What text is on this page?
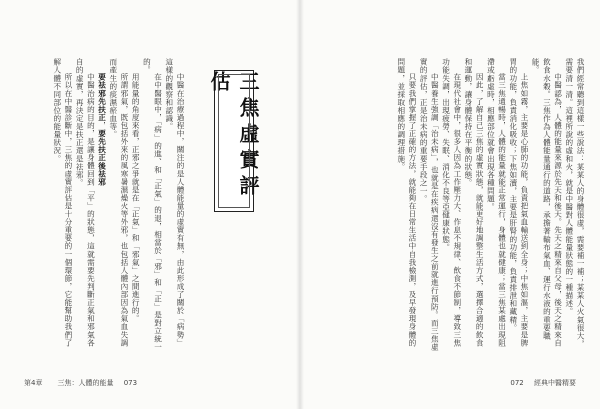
三焦虛實評估

中醫在治療過程中，關注的是人體能量的虛實有無，由此形成了關於「病勢」這樣的觀察和認識。

在中醫眼中，「病」的進、和「正氣」的退，相當於「邪」和「正」是對立統一的。

用能量的角度來看，正邪之爭就是在「正氣」和「邪氣」之間進行的。

所謂邪氣，既包括外來的風寒暑濕燥火等外邪，也包括人體內部因為氣血失調而產生的痰濕瘀血等。

要祛邪先扶正，要先扶正後祛邪

中醫治病的目的，是讓身體回到「平」的狀態，這就需要先判斷正氣和邪氣各自的虛實，再決定是扶正還是祛邪。

所以在中醫診斷中，三焦的虛實評估是十分重要的一個環節，它能幫助我們了解人體不同部位的能量狀況。

第4章　 三焦：人體的能量 073

我們經常聽到這樣一些說法：某某人的身體很虛，需要補一補；某某人火氣很大，需要清一清。這裡所說的虛和火，就是中醫對人體能量狀態的一種描述。

中醫認為，人體的能量來源於先天和後天。先天之精來自父母，後天之精來自飲食水穀。三焦作為人體能量通行的道路，承擔著輸布氣血、運行水液的重要職能。

上焦如霧，主要是心肺的功能，負責把氣血輸送到全身；中焦如漚，主要是脾胃的功能，負責消化吸收；下焦如瀆，主要是肝腎的功能，負責排泄和藏精。

當三焦通暢時，人體的能量就能正常運行，身體也就健康；當三焦某處出現阻滯或虧虛時，相應部位就會出現各種問題。

因此，了解自己三焦的虛實狀態，就能更好地調整生活方式，選擇合適的飲食和運動，讓身體保持在平衡的狀態。

在現代社會中，很多人因為工作壓力大、作息不規律、飲食不節制，導致三焦功能失調，出現疲勞、失眠、消化不良等亞健康狀態。

中醫養生強調「治未病」，也就是在疾病還沒有發生之前就進行預防。而三焦虛實的評估，正是治未病的重要手段之一。

只要我們掌握了正確的方法，就能夠在日常生活中自我檢測，及早發現身體的問題，並採取相應的調理措施。

072 經典中醫精要
